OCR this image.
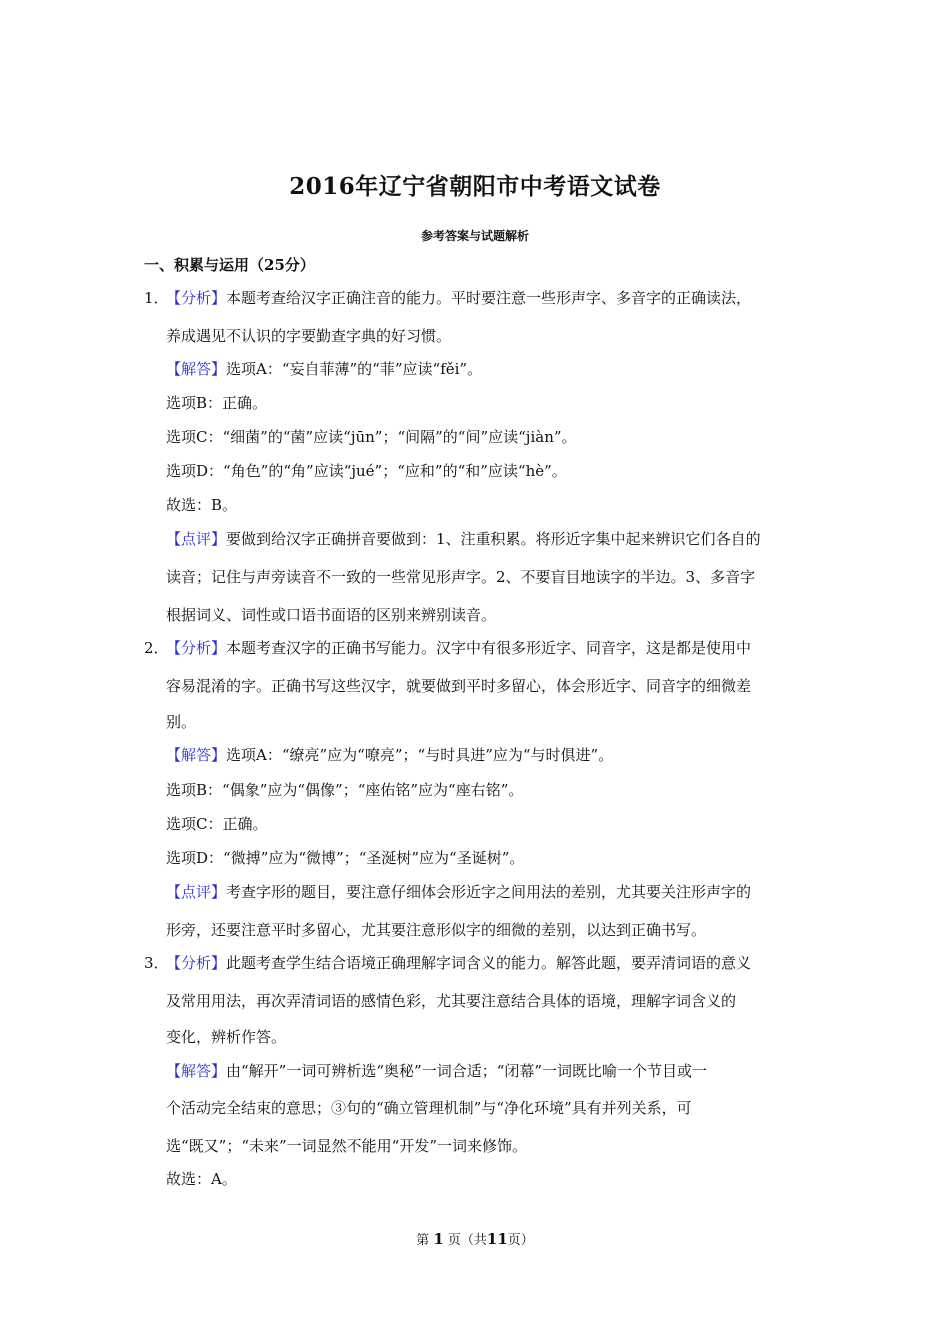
2016年辽宁省朝阳市中考语文试卷
参考答案与试题解析
一、积累与运用（25分）
1．
【分析】本题考查给汉字正确注音的能力。平时要注意一些形声字、多音字的正确读法，
养成遇见不认识的字要勤查字典的好习惯。
【解答】选项A：“妄自菲薄”的“菲”应读“fěi”。
选项B：正确。
选项C：“细菌”的“菌”应读“jūn”；“间隔”的“间”应读“jiàn”。
选项D：“角色”的“角”应读“jué”；“应和”的“和”应读“hè”。
故选：B。
【点评】要做到给汉字正确拼音要做到：1、注重积累。将形近字集中起来辨识它们各自的
读音；记住与声旁读音不一致的一些常见形声字。2、不要盲目地读字的半边。3、多音字
根据词义、词性或口语书面语的区别来辨别读音。
2．
【分析】本题考查汉字的正确书写能力。汉字中有很多形近字、同音字，这是都是使用中
容易混淆的字。正确书写这些汉字，就要做到平时多留心，体会形近字、同音字的细微差
别。
【解答】选项A：“缭亮”应为“嘹亮”；“与时具进”应为“与时俱进”。
选项B：“偶象”应为“偶像”；“座佑铭”应为“座右铭”。
选项C：正确。
选项D：“微搏”应为“微博”；“圣涎树”应为“圣诞树”。
【点评】考查字形的题目，要注意仔细体会形近字之间用法的差别，尤其要关注形声字的
形旁，还要注意平时多留心，尤其要注意形似字的细微的差别，以达到正确书写。
3．
【分析】此题考查学生结合语境正确理解字词含义的能力。解答此题，要弄清词语的意义
及常用用法，再次弄清词语的感情色彩，尤其要注意结合具体的语境，理解字词含义的
变化，辨析作答。
【解答】由“解开”一词可辨析选“奥秘”一词合适；“闭幕”一词既比喻一个节目或一
个活动完全结束的意思；③句的“确立管理机制”与“净化环境”具有并列关系，可
选“既又”；“未来”一词显然不能用“开发”一词来修饰。
故选：A。
第 1 页（共11页）
